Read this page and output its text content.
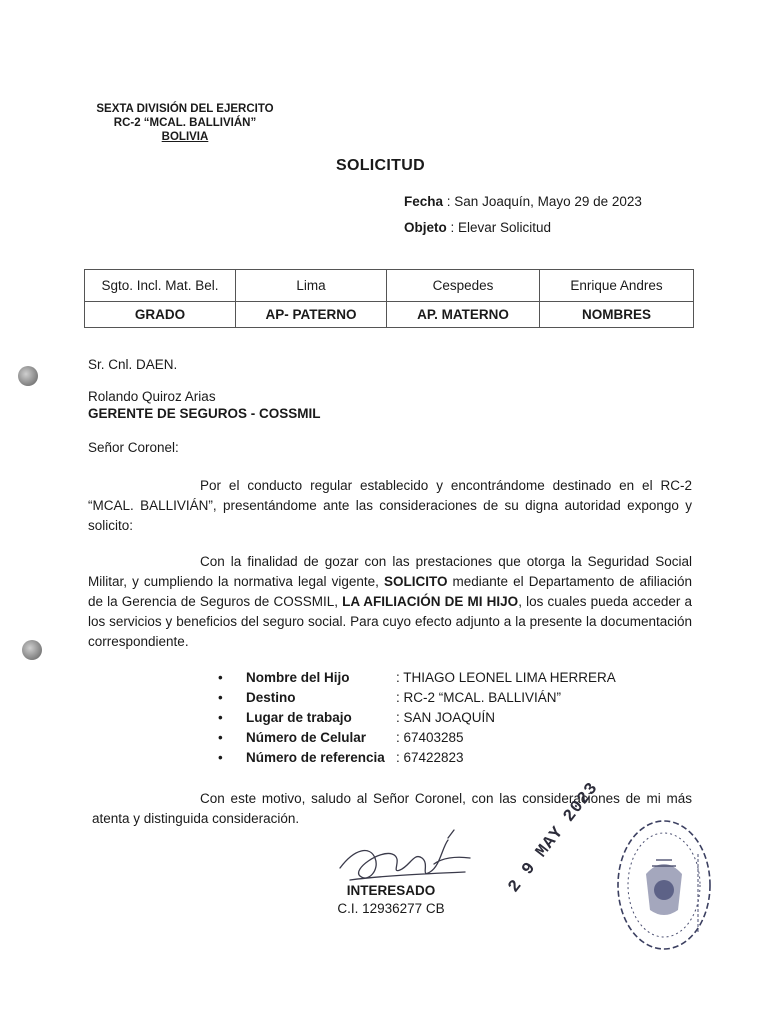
SEXTA DIVISIÓN DEL EJERCITO
RC-2 “MCAL. BALLIVIÁN”
BOLIVIA
SOLICITUD
Fecha : San Joaquín, Mayo 29 de 2023
Objeto : Elevar Solicitud
Sgto. Incl. Mat. Bel.	Lima	Cespedes	Enrique Andres
GRADO	AP- PATERNO	AP. MATERNO	NOMBRES
Sr. Cnl. DAEN.
Rolando Quiroz Arias
GERENTE DE SEGUROS - COSSMIL
Señor Coronel:
Por el conducto regular establecido y encontrándome destinado en el RC-2 “MCAL. BALLIVIÁN”, presentándome ante las consideraciones de su digna autoridad expongo y solicito:
Con la finalidad de gozar con las prestaciones que otorga la Seguridad Social Militar, y cumpliendo la normativa legal vigente, SOLICITO mediante el Departamento de afiliación de la Gerencia de Seguros de COSSMIL, LA AFILIACIÓN DE MI HIJO, los cuales pueda acceder a los servicios y beneficios del seguro social. Para cuyo efecto adjunto a la presente la documentación correspondiente.
•	Nombre del Hijo	: THIAGO LEONEL LIMA HERRERA
•	Destino	: RC-2 “MCAL. BALLIVIÁN”
•	Lugar de trabajo	: SAN JOAQUÍN
•	Número de Celular	: 67403285
•	Número de referencia : 67422823
Con este motivo, saludo al Señor Coronel, con las consideraciones de mi más atenta y distinguida consideración.
INTERESADO
C.I. 12936277 CB
2 9 MAY 2023
